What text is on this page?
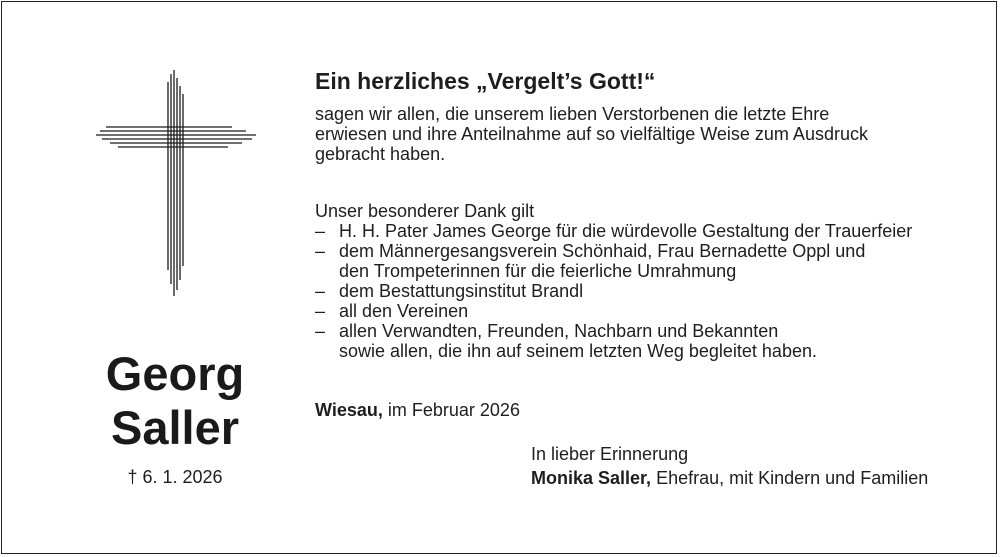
Georg
Saller
† 6. 1. 2026
Ein herzliches „Vergelt’s Gott!“

sagen wir allen, die unserem lieben Verstorbenen die letzte Ehre

erwiesen und ihre Anteilnahme auf so vielfältige Weise zum Ausdruck

gebracht haben.

Unser besonderer Dank gilt

– H. H. Pater James George für die würdevolle Gestaltung der Trauerfeier
– dem Männergesangsverein Schönhaid, Frau Bernadette Oppl und
den Trompeterinnen für die feierliche Umrahmung
– dem Bestattungsinstitut Brandl
– all den Vereinen
– allen Verwandten, Freunden, Nachbarn und Bekannten
sowie allen, die ihn auf seinem letzten Weg begleitet haben.
Wiesau, im Februar 2026
In lieber Erinnerung
Monika Saller, Ehefrau, mit Kindern und Familien
